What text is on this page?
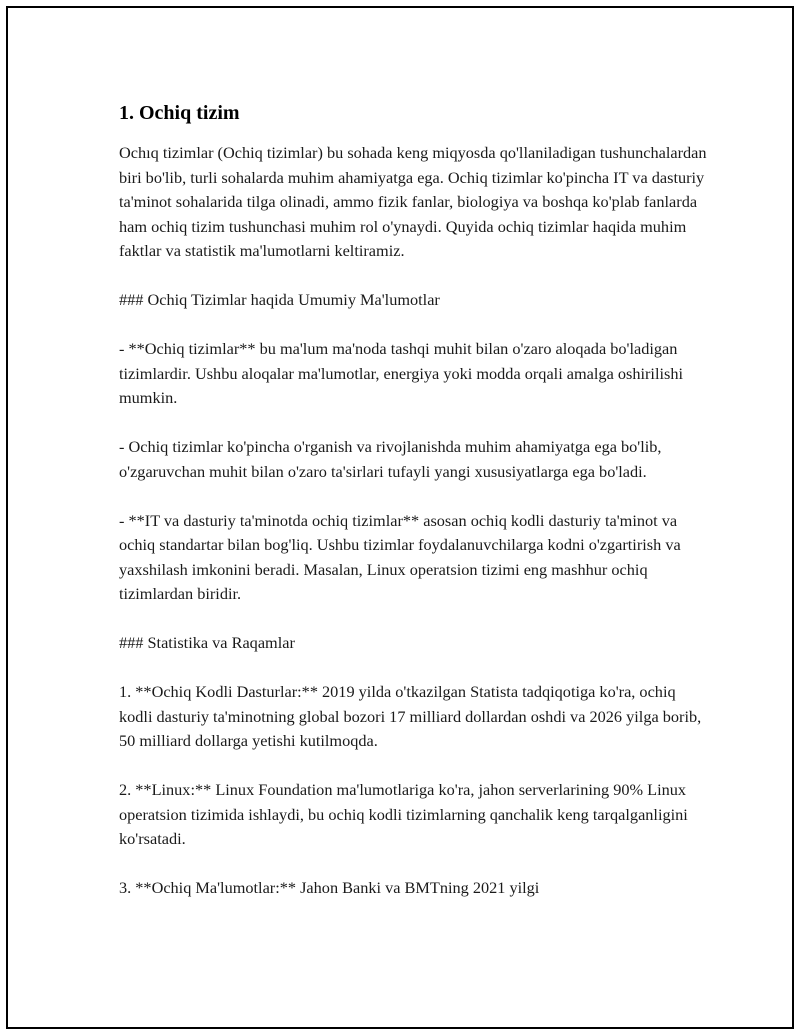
1. Ochiq tizim

Ochıq tizimlar (Ochiq tizimlar) bu sohada keng miqyosda qo'llaniladigan tushunchalardan biri bo'lib, turli sohalarda muhim ahamiyatga ega. Ochiq tizimlar ko'pincha IT va dasturiy ta'minot sohalarida tilga olinadi, ammo fizik fanlar, biologiya va boshqa ko'plab fanlarda ham ochiq tizim tushunchasi muhim rol o'ynaydi. Quyida ochiq tizimlar haqida muhim faktlar va statistik ma'lumotlarni keltiramiz.

### Ochiq Tizimlar haqida Umumiy Ma'lumotlar

- **Ochiq tizimlar** bu ma'lum ma'noda tashqi muhit bilan o'zaro aloqada bo'ladigan tizimlardir. Ushbu aloqalar ma'lumotlar, energiya yoki modda orqali amalga oshirilishi mumkin.

- Ochiq tizimlar ko'pincha o'rganish va rivojlanishda muhim ahamiyatga ega bo'lib, o'zgaruvchan muhit bilan o'zaro ta'sirlari tufayli yangi xususiyatlarga ega bo'ladi.

- **IT va dasturiy ta'minotda ochiq tizimlar** asosan ochiq kodli dasturiy ta'minot va ochiq standartar bilan bog'liq. Ushbu tizimlar foydalanuvchilarga kodni o'zgartirish va yaxshilash imkonini beradi. Masalan, Linux operatsion tizimi eng mashhur ochiq tizimlardan biridir.

### Statistika va Raqamlar

1. **Ochiq Kodli Dasturlar:** 2019 yilda o'tkazilgan Statista tadqiqotiga ko'ra, ochiq kodli dasturiy ta'minotning global bozori 17 milliard dollardan oshdi va 2026 yilga borib, 50 milliard dollarga yetishi kutilmoqda.

2. **Linux:** Linux Foundation ma'lumotlariga ko'ra, jahon serverlarining 90% Linux operatsion tizimida ishlaydi, bu ochiq kodli tizimlarning qanchalik keng tarqalganligini ko'rsatadi.

3. **Ochiq Ma'lumotlar:** Jahon Banki va BMTning 2021 yilgi
